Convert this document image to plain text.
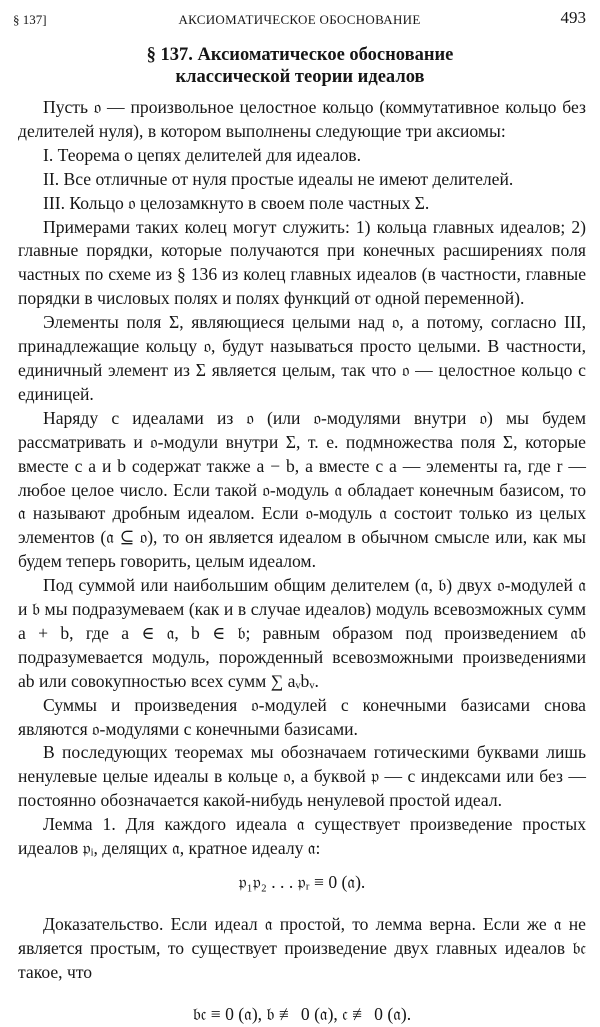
§ 137]	АКСИОМАТИЧЕСКОЕ ОБОСНОВАНИЕ	493
§ 137. Аксиоматическое обоснование
классической теории идеалов

Пусть 𝔬 — произвольное целостное кольцо (коммутативное кольцо без делителей нуля), в котором выполнены следующие три аксиомы:

I. Теорема о цепях делителей для идеалов.

II. Все отличные от нуля простые идеалы не имеют делителей.

III. Кольцо 𝔬 целозамкнуто в своем поле частных Σ.

Примерами таких колец могут служить: 1) кольца главных идеалов; 2) главные порядки, которые получаются при конечных расширениях поля частных по схеме из § 136 из колец главных идеалов (в частности, главные порядки в числовых полях и полях функций от одной переменной).

Элементы поля Σ, являющиеся целыми над 𝔬, а потому, согласно III, принадлежащие кольцу 𝔬, будут называться просто целыми. В частности, единичный элемент из Σ является целым, так что 𝔬 — целостное кольцо с единицей.

Наряду с идеалами из 𝔬 (или 𝔬-модулями внутри 𝔬) мы будем рассматривать и 𝔬-модули внутри Σ, т. е. подмножества поля Σ, которые вместе с a и b содержат также a − b, а вместе с a — элементы ra, где r — любое целое число. Если такой 𝔬-модуль 𝔞 обладает конечным базисом, то 𝔞 называют дробным идеалом. Если 𝔬-модуль 𝔞 состоит только из целых элементов (𝔞 ⊆ 𝔬), то он является идеалом в обычном смысле или, как мы будем теперь говорить, целым идеалом.

Под суммой или наибольшим общим делителем (𝔞, 𝔟) двух 𝔬-модулей 𝔞 и 𝔟 мы подразумеваем (как и в случае идеалов) модуль всевозможных сумм a + b, где a ∈ 𝔞, b ∈ 𝔟; равным образом под произведением 𝔞𝔟 подразумевается модуль, порожденный всевозможными произведениями ab или совокупностью всех сумм ∑ aᵥbᵥ.

Суммы и произведения 𝔬-модулей с конечными базисами снова являются 𝔬-модулями с конечными базисами.

В последующих теоремах мы обозначаем готическими буквами лишь ненулевые целые идеалы в кольце 𝔬, а буквой 𝔭 — с индексами или без — постоянно обозначается какой-нибудь ненулевой простой идеал.

Лемма 1. Для каждого идеала 𝔞 существует произведение простых идеалов 𝔭ᵢ, делящих 𝔞, кратное идеалу 𝔞:

𝔭₁𝔭₂ . . . 𝔭ᵣ ≡ 0 (𝔞).

Доказательство. Если идеал 𝔞 простой, то лемма верна. Если же 𝔞 не является простым, то существует произведение двух главных идеалов 𝔟𝔠 такое, что

𝔟𝔠 ≡ 0 (𝔞), 𝔟 ≢ 0 (𝔞), 𝔠 ≢ 0 (𝔞).
